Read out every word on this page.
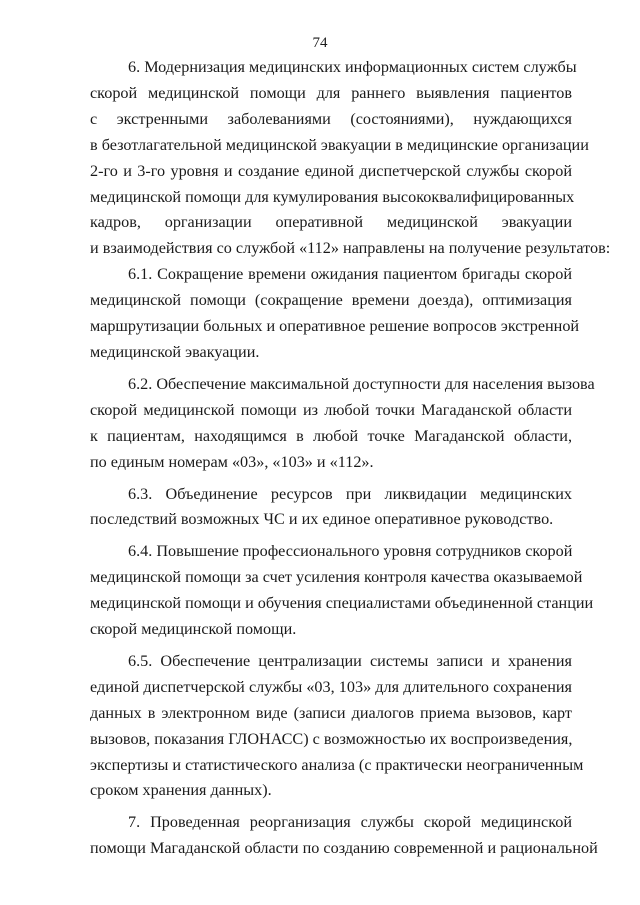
74
6. Модернизация медицинских информационных систем службы
скорой медицинской помощи для раннего выявления пациентов
с экстренными заболеваниями (состояниями), нуждающихся
в безотлагательной медицинской эвакуации в медицинские организации
2-го и 3-го уровня и создание единой диспетчерской службы скорой
медицинской помощи для кумулирования высококвалифицированных
кадров, организации оперативной медицинской эвакуации
и взаимодействия со службой «112» направлены на получение результатов:
6.1. Сокращение времени ожидания пациентом бригады скорой
медицинской помощи (сокращение времени доезда), оптимизация
маршрутизации больных и оперативное решение вопросов экстренной
медицинской эвакуации.
6.2. Обеспечение максимальной доступности для населения вызова
скорой медицинской помощи из любой точки Магаданской области
к пациентам, находящимся в любой точке Магаданской области,
по единым номерам «03», «103» и «112».
6.3. Объединение ресурсов при ликвидации медицинских
последствий возможных ЧС и их единое оперативное руководство.
6.4. Повышение профессионального уровня сотрудников скорой
медицинской помощи за счет усиления контроля качества оказываемой
медицинской помощи и обучения специалистами объединенной станции
скорой медицинской помощи.
6.5. Обеспечение централизации системы записи и хранения
единой диспетчерской службы «03, 103» для длительного сохранения
данных в электронном виде (записи диалогов приема вызовов, карт
вызовов, показания ГЛОНАСС) с возможностью их воспроизведения,
экспертизы и статистического анализа (с практически неограниченным
сроком хранения данных).
7. Проведенная реорганизация службы скорой медицинской
помощи Магаданской области по созданию современной и рациональной
